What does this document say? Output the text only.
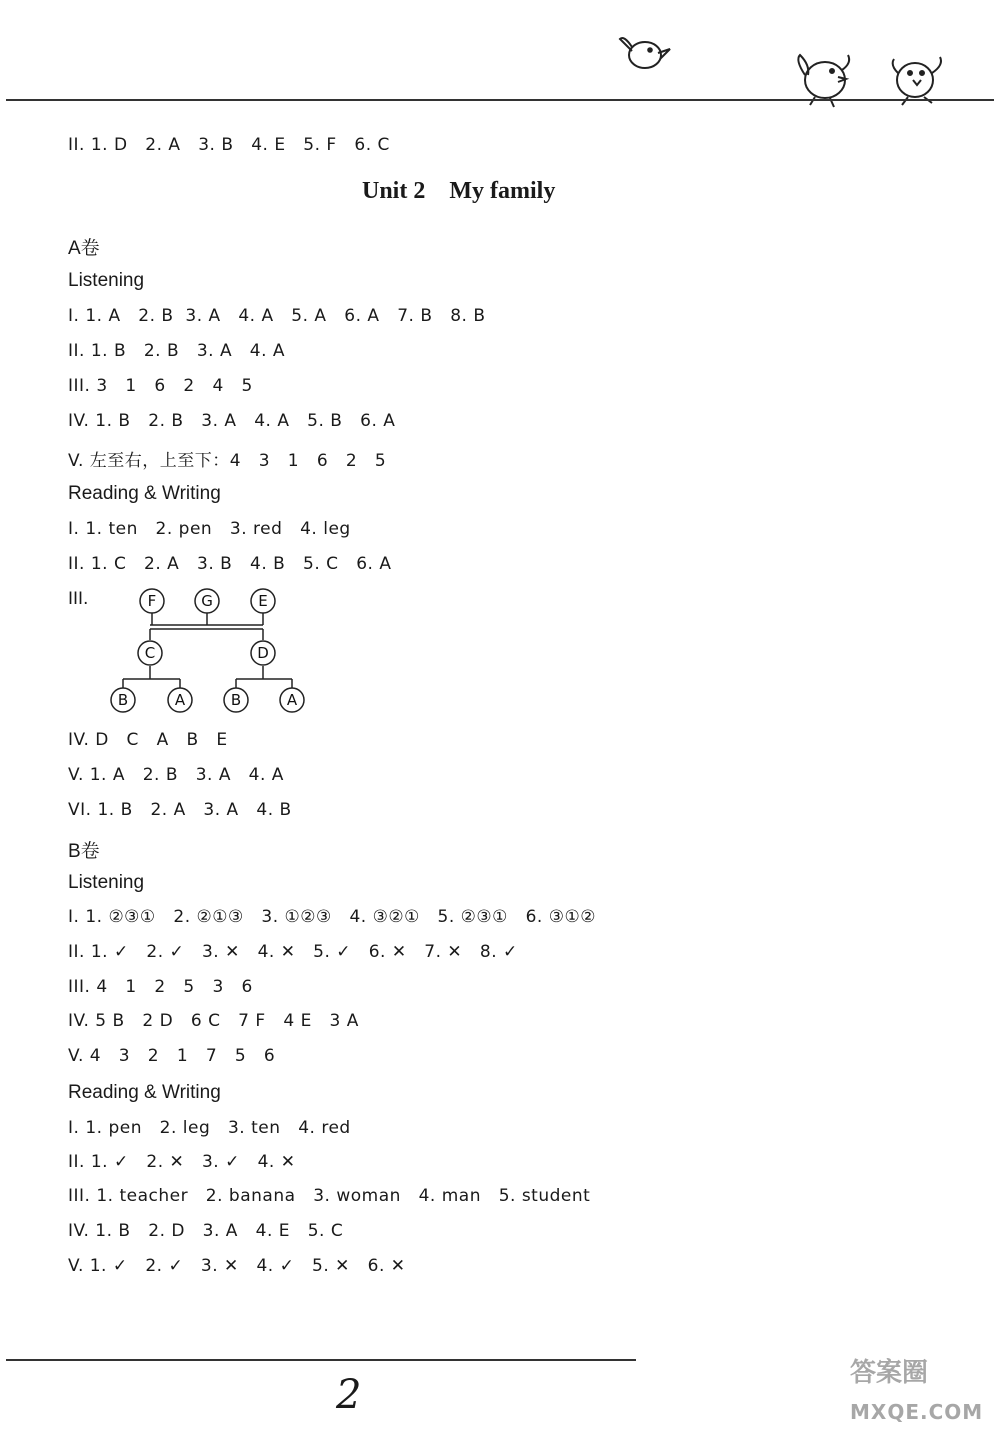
II. 1. D   2. A   3. B   4. E   5. F   6. C
Unit 2    My family
A卷
Listening
I. 1. A   2. B  3. A   4. A   5. A   6. A   7. B   8. B
II. 1. B   2. B   3. A   4. A
III. 3   1   6   2   4   5
IV. 1. B   2. B   3. A   4. A   5. B   6. A
V. 左至右，上至下：4   3   1   6   2   5
Reading & Writing
I. 1. ten   2. pen   3. red   4. leg
II. 1. C   2. A   3. B   4. B   5. C   6. A
III.	F	G	E
C	D
B	A	B	A
IV. D   C   A   B   E
V. 1. A   2. B   3. A   4. A
VI. 1. B   2. A   3. A   4. B
B卷
Listening
I. 1. ②③①   2. ②①③   3. ①②③   4. ③②①   5. ②③①   6. ③①②
II. 1. ✓   2. ✓   3. ✕   4. ✕   5. ✓   6. ✕   7. ✕   8. ✓
III. 4   1   2   5   3   6
IV. 5 B   2 D   6 C   7 F   4 E   3 A
V. 4   3   2   1   7   5   6
Reading & Writing
I. 1. pen   2. leg   3. ten   4. red
II. 1. ✓   2. ✕   3. ✓   4. ✕
III. 1. teacher   2. banana   3. woman   4. man   5. student
IV. 1. B   2. D   3. A   4. E   5. C
V. 1. ✓   2. ✓   3. ✕   4. ✓   5. ✕   6. ✕
2	答案圈
MXQE.COM
